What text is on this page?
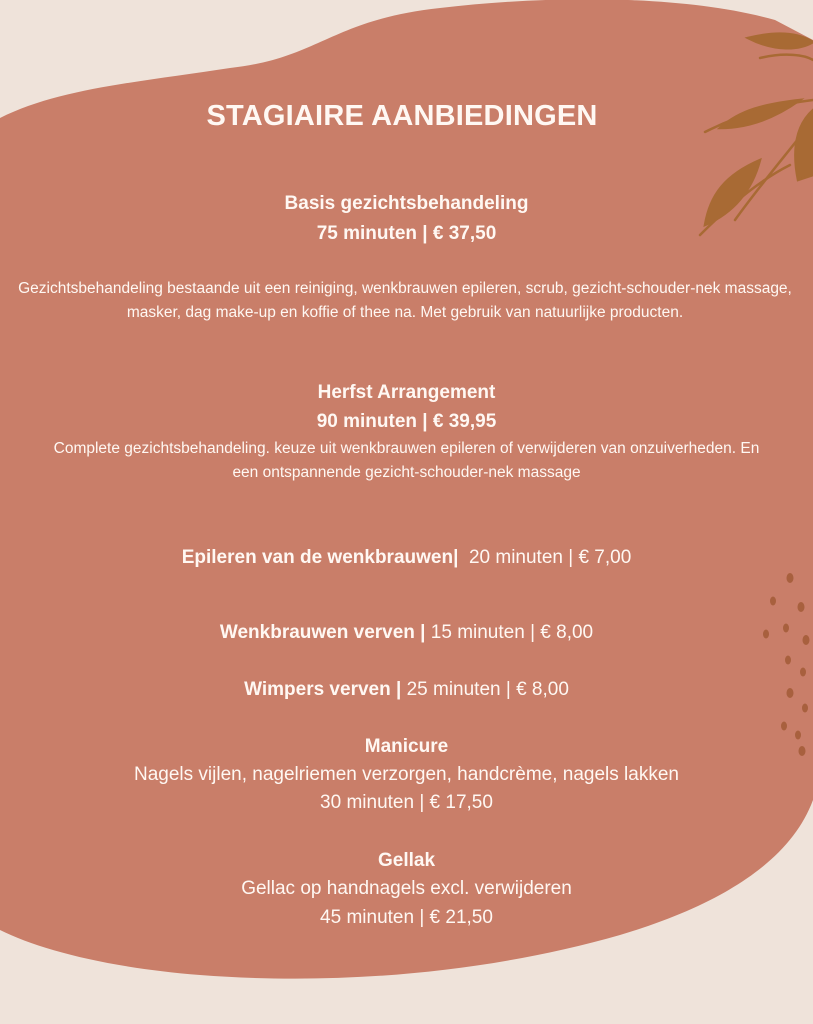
STAGIAIRE AANBIEDINGEN
Basis gezichtsbehandeling
75 minuten | € 37,50
Gezichtsbehandeling bestaande uit een reiniging, wenkbrauwen epileren, scrub, gezicht-schouder-nek massage, masker, dag make-up en koffie of thee na. Met gebruik van natuurlijke producten.
Herfst Arrangement
90 minuten | € 39,95
Complete gezichtsbehandeling. keuze uit wenkbrauwen epileren of verwijderen van onzuiverheden. En een ontspannende gezicht-schouder-nek massage
Epileren van de wenkbrauwen| 20 minuten | € 7,00
Wenkbrauwen verven | 15 minuten | € 8,00
Wimpers verven | 25 minuten | € 8,00
Manicure
Nagels vijlen, nagelriemen verzorgen, handcrème, nagels lakken
30 minuten | € 17,50
Gellak
Gellac op handnagels excl. verwijderen
45 minuten | € 21,50
